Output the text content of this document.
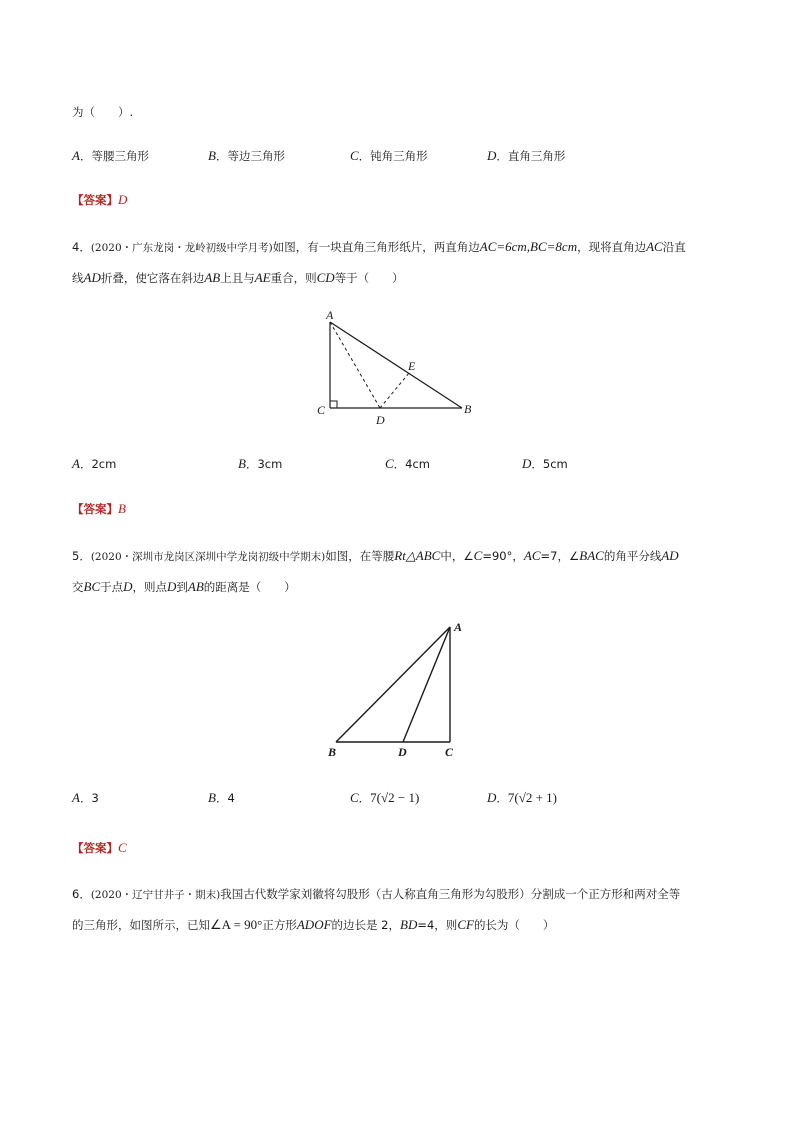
为（　　）.
A．等腰三角形	B．等边三角形	C．钝角三角形	D．直角三角形
【答案】D
4．(2020・广东龙岗・龙岭初级中学月考)如图，有一块直角三角形纸片，两直角边AC=6cm,BC=8cm，现将直角边AC沿直
线AD折叠，使它落在斜边AB上且与AE重合，则CD等于（　　）
A
C
D
E
B
A．2cm	B．3cm	C．4cm	D．5cm
【答案】B
5．(2020・深圳市龙岗区深圳中学龙岗初级中学期末)如图，在等腰Rt△ABC中，∠C=90°，AC=7，∠BAC的角平分线AD
交BC于点D，则点D到AB的距离是（　　）
A
B	D	C
A．3	B．4	C．7(√2 − 1)	D．7(√2 + 1)
【答案】C
6．(2020・辽宁甘井子・期末)我国古代数学家刘徽将勾股形（古人称直角三角形为勾股形）分割成一个正方形和两对全等
的三角形，如图所示，已知∠A = 90°正方形ADOF的边长是 2，BD=4，则CF的长为（　　）
